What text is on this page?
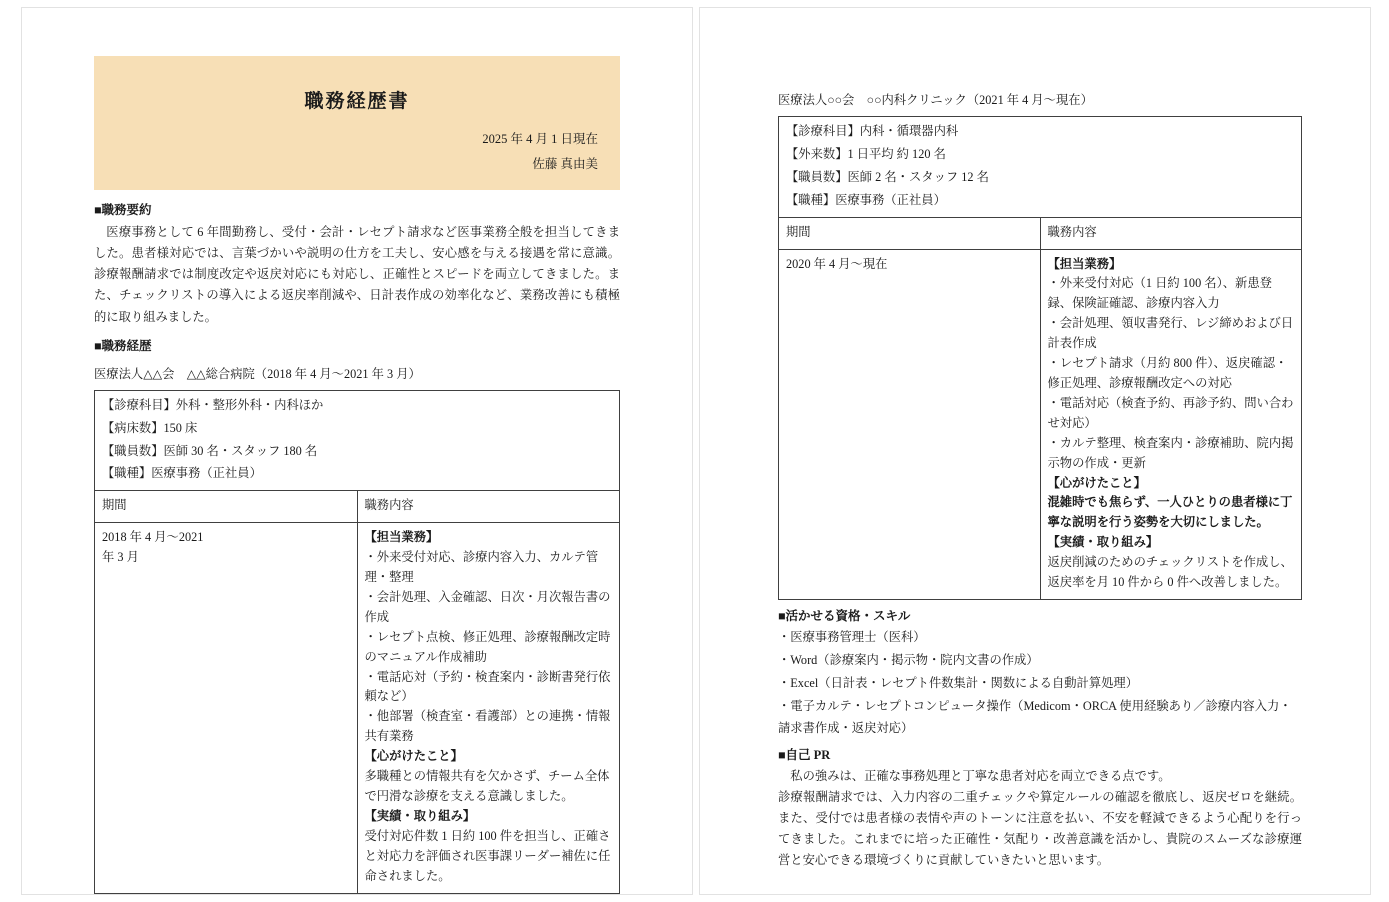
職務経歴書
2025 年 4 月 1 日現在
佐藤 真由美
■職務要約

医療事務として 6 年間勤務し、受付・会計・レセプト請求など医事業務全般を担当してきました。患者様対応では、言葉づかいや説明の仕方を工夫し、安心感を与える接遇を常に意識。診療報酬請求では制度改定や返戻対応にも対応し、正確性とスピードを両立してきました。また、チェックリストの導入による返戻率削減や、日計表作成の効率化など、業務改善にも積極的に取り組みました。

■職務経歴
医療法人△△会　△△総合病院（2018 年 4 月〜2021 年 3 月）
【診療科目】外科・整形外科・内科ほか
【病床数】150 床
【職員数】医師 30 名・スタッフ 180 名
【職種】医療事務（正社員）	

期間	職務内容

2018 年 4 月〜2021
年 3 月

【担当業務】
・外来受付対応、診療内容入力、カルテ管理・整理
・会計処理、入金確認、日次・月次報告書の作成
・レセプト点検、修正処理、診療報酬改定時のマニュアル作成補助
・電話応対（予約・検査案内・診断書発行依頼など）
・他部署（検査室・看護部）との連携・情報共有業務
【心がけたこと】
多職種との情報共有を欠かさず、チーム全体で円滑な診療を支える意識しました。
【実績・取り組み】
受付対応件数 1 日約 100 件を担当し、正確さと対応力を評価され医事課リーダー補佐に任命されました。
医療法人○○会　○○内科クリニック（2021 年 4 月〜現在）
【診療科目】内科・循環器内科
【外来数】1 日平均 約 120 名
【職員数】医師 2 名・スタッフ 12 名
【職種】医療事務（正社員）	

期間	職務内容
2020 年 4 月〜現在	【担当業務】
・外来受付対応（1 日約 100 名）、新患登録、保険証確認、診療内容入力
・会計処理、領収書発行、レジ締めおよび日計表作成
・レセプト請求（月約 800 件）、返戻確認・修正処理、診療報酬改定への対応
・電話対応（検査予約、再診予約、問い合わせ対応）
・カルテ整理、検査案内・診療補助、院内掲示物の作成・更新
【心がけたこと】
混雑時でも焦らず、一人ひとりの患者様に丁寧な説明を行う姿勢を大切にしました。
【実績・取り組み】
返戻削減のためのチェックリストを作成し、返戻率を月 10 件から 0 件へ改善しました。
■活かせる資格・スキル
・医療事務管理士（医科）
・Word（診療案内・掲示物・院内文書の作成）
・Excel（日計表・レセプト件数集計・関数による自動計算処理）
・電子カルテ・レセプトコンピュータ操作（Medicom・ORCA 使用経験あり／診療内容入力・請求書作成・返戻対応）
■自己 PR

私の強みは、正確な事務処理と丁寧な患者対応を両立できる点です。

診療報酬請求では、入力内容の二重チェックや算定ルールの確認を徹底し、返戻ゼロを継続。また、受付では患者様の表情や声のトーンに注意を払い、不安を軽減できるよう心配りを行ってきました。これまでに培った正確性・気配り・改善意識を活かし、貴院のスムーズな診療運営と安心できる環境づくりに貢献していきたいと思います。
